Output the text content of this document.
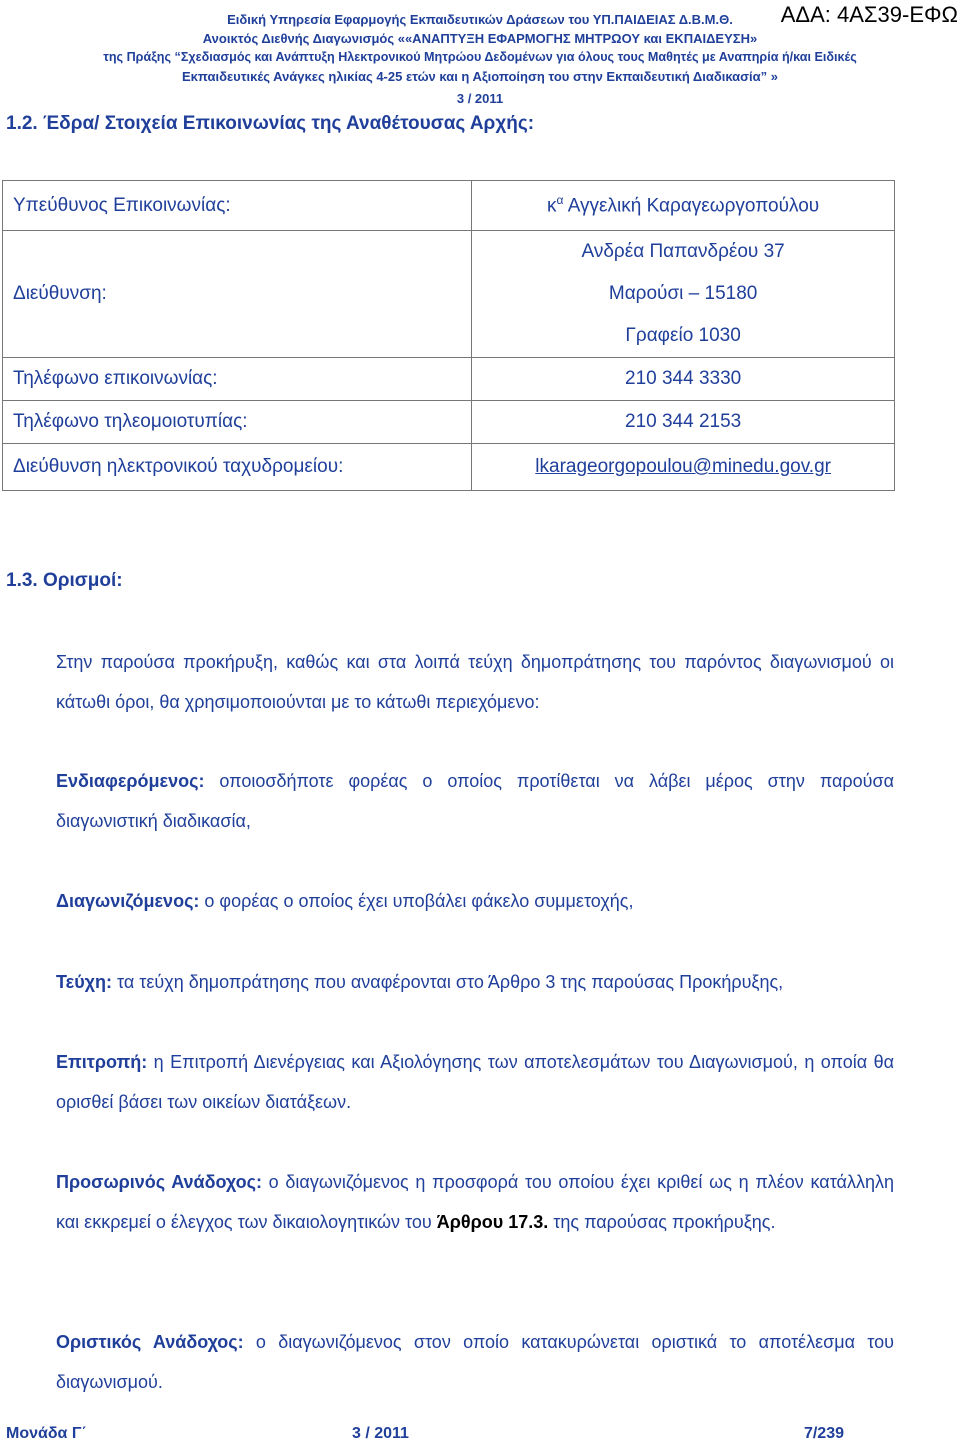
Ειδική Υπηρεσία Εφαρμογής Εκπαιδευτικών Δράσεων του ΥΠ.ΠΑΙΔΕΙΑΣ Δ.Β.Μ.Θ.
Ανοικτός Διεθνής Διαγωνισμός ««ΑΝΑΠΤΥΞΗ ΕΦΑΡΜΟΓΗΣ ΜΗΤΡΩΟΥ και ΕΚΠΑΙΔΕΥΣΗ»
της Πράξης “Σχεδιασμός και Ανάπτυξη Ηλεκτρονικού Μητρώου Δεδομένων για όλους τους Μαθητές με Αναπηρία ή/και Ειδικές
Εκπαιδευτικές Ανάγκες ηλικίας 4-25 ετών και η Αξιοποίηση του στην Εκπαιδευτική Διαδικασία” »
3 / 2011
ΑΔΑ: 4ΑΣ39-ΕΦΩ
1.2. Έδρα/ Στοιχεία Επικοινωνίας της Αναθέτουσας Αρχής:
Υπεύθυνος Επικοινωνίας:	$\kappa^\alpha$ Αγγελική Καραγεωργοπούλου
Διεύθυνση:	Ανδρέα Παπανδρέου 37
Μαρούσι – 15180
Γραφείο 1030

Τηλέφωνο επικοινωνίας:	210 344 3330
Τηλέφωνο τηλεομοιοτυπίας:	210 344 2153
Διεύθυνση ηλεκτρονικού ταχυδρομείου:	lkarageorgopoulou@minedu.gov.gr
1.3. Ορισμοί:
Στην παρούσα προκήρυξη, καθώς και στα λοιπά τεύχη δημοπράτησης του παρόντος διαγωνισμού οι κάτωθι όροι, θα χρησιμοποιούνται με το κάτωθι περιεχόμενο:
Ενδιαφερόμενος: οποιοσδήποτε φορέας ο οποίος προτίθεται να λάβει μέρος στην παρούσα διαγωνιστική διαδικασία,
Διαγωνιζόμενος: ο φορέας ο οποίος έχει υποβάλει φάκελο συμμετοχής,
Τεύχη: τα τεύχη δημοπράτησης που αναφέρονται στο Άρθρο 3 της παρούσας Προκήρυξης,
Επιτροπή: η Επιτροπή Διενέργειας και Αξιολόγησης των αποτελεσμάτων του Διαγωνισμού, η οποία θα ορισθεί βάσει των οικείων διατάξεων.
Προσωρινός Ανάδοχος: ο διαγωνιζόμενος η προσφορά του οποίου έχει κριθεί ως η πλέον κατάλληλη και εκκρεμεί ο έλεγχος των δικαιολογητικών του Άρθρου 17.3. της παρούσας προκήρυξης.
Οριστικός Ανάδοχος: ο διαγωνιζόμενος στον οποίο κατακυρώνεται οριστικά το αποτέλεσμα του διαγωνισμού.
Μονάδα Γ΄	3 / 2011	7/239
